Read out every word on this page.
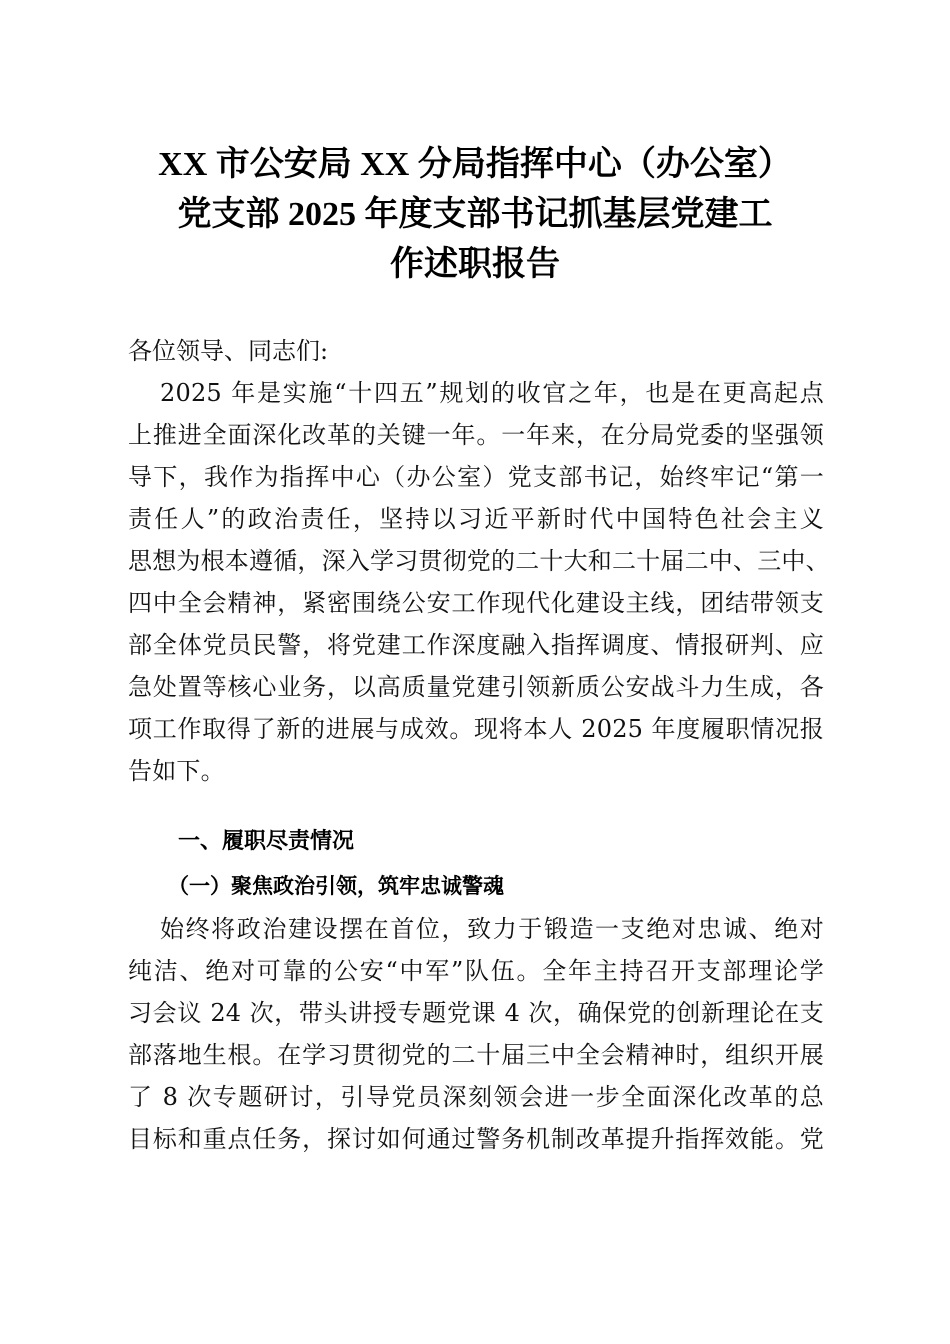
XX 市公安局 XX 分局指挥中心（办公室）
党支部 2025 年度支部书记抓基层党建工
作述职报告
各位领导、同志们:
2025 年是实施“十四五”规划的收官之年，也是在更高起点
上推进全面深化改革的关键一年。一年来，在分局党委的坚强领
导下，我作为指挥中心（办公室）党支部书记，始终牢记“第一
责任人”的政治责任，坚持以习近平新时代中国特色社会主义
思想为根本遵循，深入学习贯彻党的二十大和二十届二中、三中、
四中全会精神，紧密围绕公安工作现代化建设主线，团结带领支
部全体党员民警，将党建工作深度融入指挥调度、情报研判、应
急处置等核心业务，以高质量党建引领新质公安战斗力生成，各
项工作取得了新的进展与成效。现将本人 2025 年度履职情况报
告如下。
一、履职尽责情况
（一）聚焦政治引领，筑牢忠诚警魂
始终将政治建设摆在首位，致力于锻造一支绝对忠诚、绝对
纯洁、绝对可靠的公安“中军”队伍。全年主持召开支部理论学
习会议 24 次，带头讲授专题党课 4 次，确保党的创新理论在支
部落地生根。在学习贯彻党的二十届三中全会精神时，组织开展
了 8 次专题研讨，引导党员深刻领会进一步全面深化改革的总
目标和重点任务，探讨如何通过警务机制改革提升指挥效能。党
